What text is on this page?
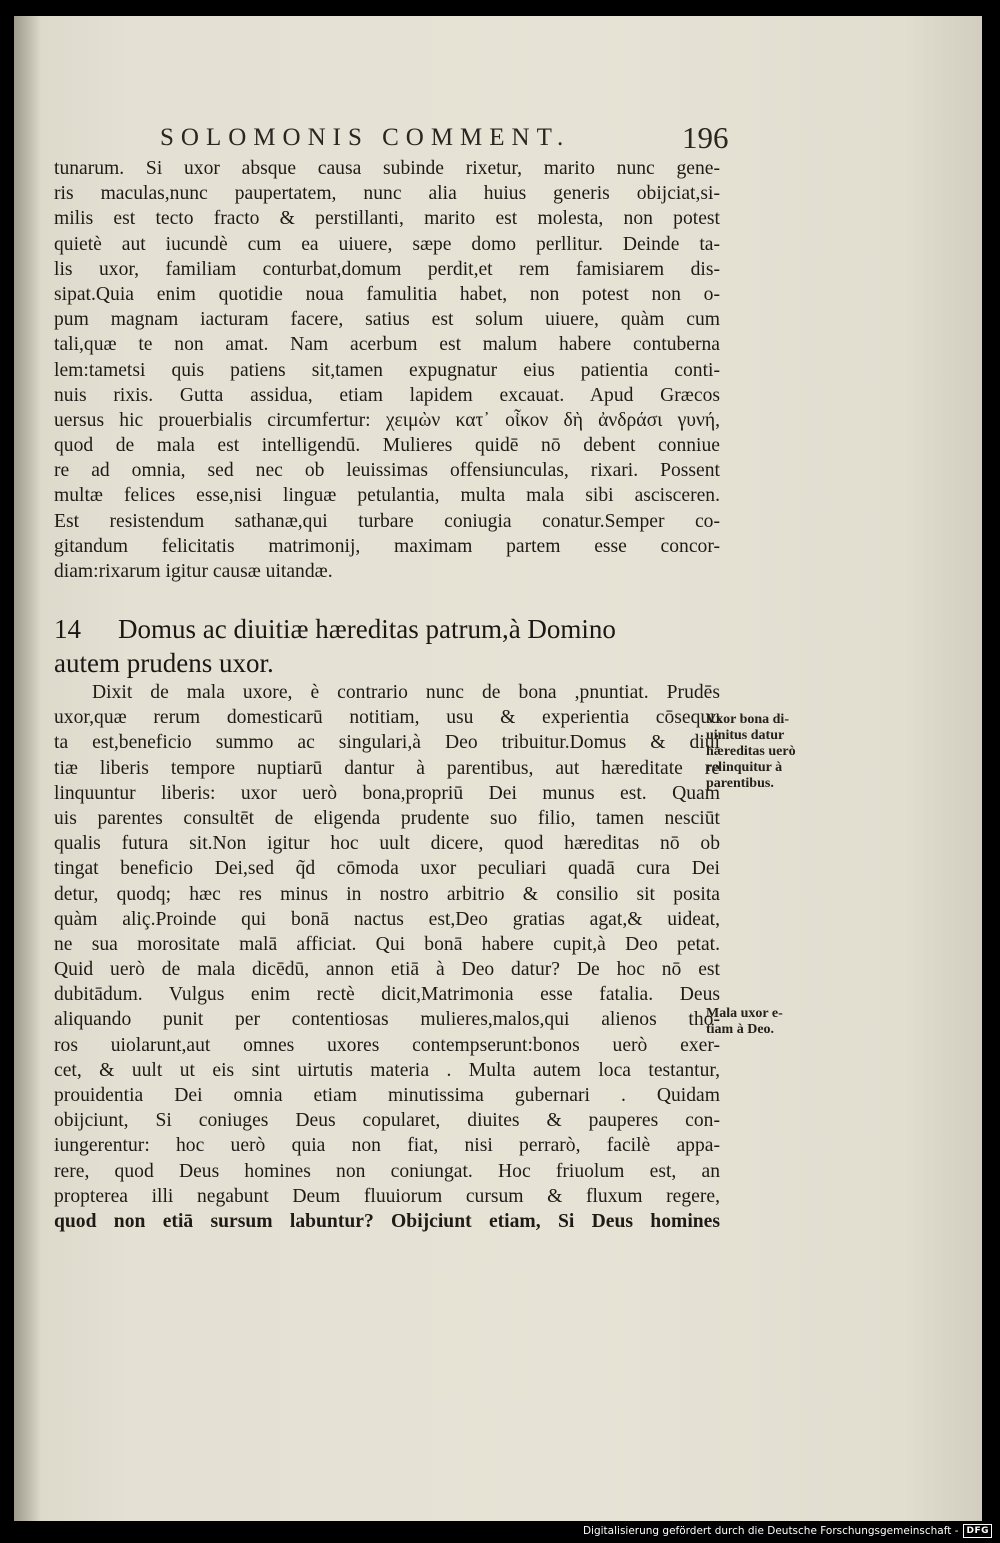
SOLOMONIS COMMENT.	196
tunarum. Si uxor absque causa subinde rixetur, marito nunc gene-
ris maculas,nunc paupertatem, nunc alia huius generis obijciat,si-
milis est tecto fracto & perstillanti, marito est molesta, non potest
quietè aut iucundè cum ea uiuere, sæpe domo perllitur. Deinde ta-
lis uxor, familiam conturbat,domum perdit,et rem famisiarem dis-
sipat.Quia enim quotidie noua famulitia habet, non potest non o-
pum magnam iacturam facere, satius est solum uiuere, quàm cum
tali,quæ te non amat. Nam acerbum est malum habere contuberna
lem:tametsi quis patiens sit,tamen expugnatur eius patientia conti-
nuis rixis. Gutta assidua, etiam lapidem excauat. Apud Græcos
uersus hic prouerbialis circumfertur: χειμὼν κατ᾽ οἶκον δὴ ἀνδράσι γυνή,
quod de mala est intelligendū. Mulieres quidē nō debent conniue
re ad omnia, sed nec ob leuissimas offensiunculas, rixari. Possent
multæ felices esse,nisi linguæ petulantia, multa mala sibi ascisceren.
Est resistendum sathanæ,qui turbare coniugia conatur.Semper co-
gitandum felicitatis matrimonij, maximam partem esse concor-
diam:rixarum igitur causæ uitandæ.
14 Domus ac diuitiæ hæreditas patrum,à Domino
autem prudens uxor.
Dixit de mala uxore, è contrario nunc de bona ,pnuntiat. Prudēs
uxor,quæ rerum domesticarū notitiam, usu & experientia cōsequu
ta est,beneficio summo ac singulari,à Deo tribuitur.Domus & diui
tiæ liberis tempore nuptiarū dantur à parentibus, aut hæreditate re
linquuntur liberis: uxor uerò bona,propriū Dei munus est. Quam
uis parentes consultēt de eligenda prudente suo filio, tamen nesciūt
qualis futura sit.Non igitur hoc uult dicere, quod hæreditas nō ob
tingat beneficio Dei,sed q̃d cōmoda uxor peculiari quadā cura Dei
detur, quodq; hæc res minus in nostro arbitrio & consilio sit posita
quàm aliç.Proinde qui bonā nactus est,Deo gratias agat,& uideat,
ne sua morositate malā afficiat. Qui bonā habere cupit,à Deo petat.
Quid uerò de mala dicēdū, annon etiā à Deo datur? De hoc nō est
dubitādum. Vulgus enim rectè dicit,Matrimonia esse fatalia. Deus
aliquando punit per contentiosas mulieres,malos,qui alienos tho-
ros uiolarunt,aut omnes uxores contempserunt:bonos uerò exer-
cet, & uult ut eis sint uirtutis materia . Multa autem loca testantur,
prouidentia Dei omnia etiam minutissima gubernari . Quidam
obijciunt, Si coniuges Deus copularet, diuites & pauperes con-
iungerentur: hoc uerò quia non fiat, nisi perrarò, facilè appa-
rere, quod Deus homines non coniungat. Hoc friuolum est, an
propterea illi negabunt Deum fluuiorum cursum & fluxum regere,
quod non etiā sursum labuntur? Obijciunt etiam, Si Deus homines
Vxor bona di-
uinitus datur
hæreditas uerò
relinquitur à
parentibus.
Mala uxor e-
tiam à Deo.
Digitalisierung gefördert durch die Deutsche Forschungsgemeinschaft - DFG
